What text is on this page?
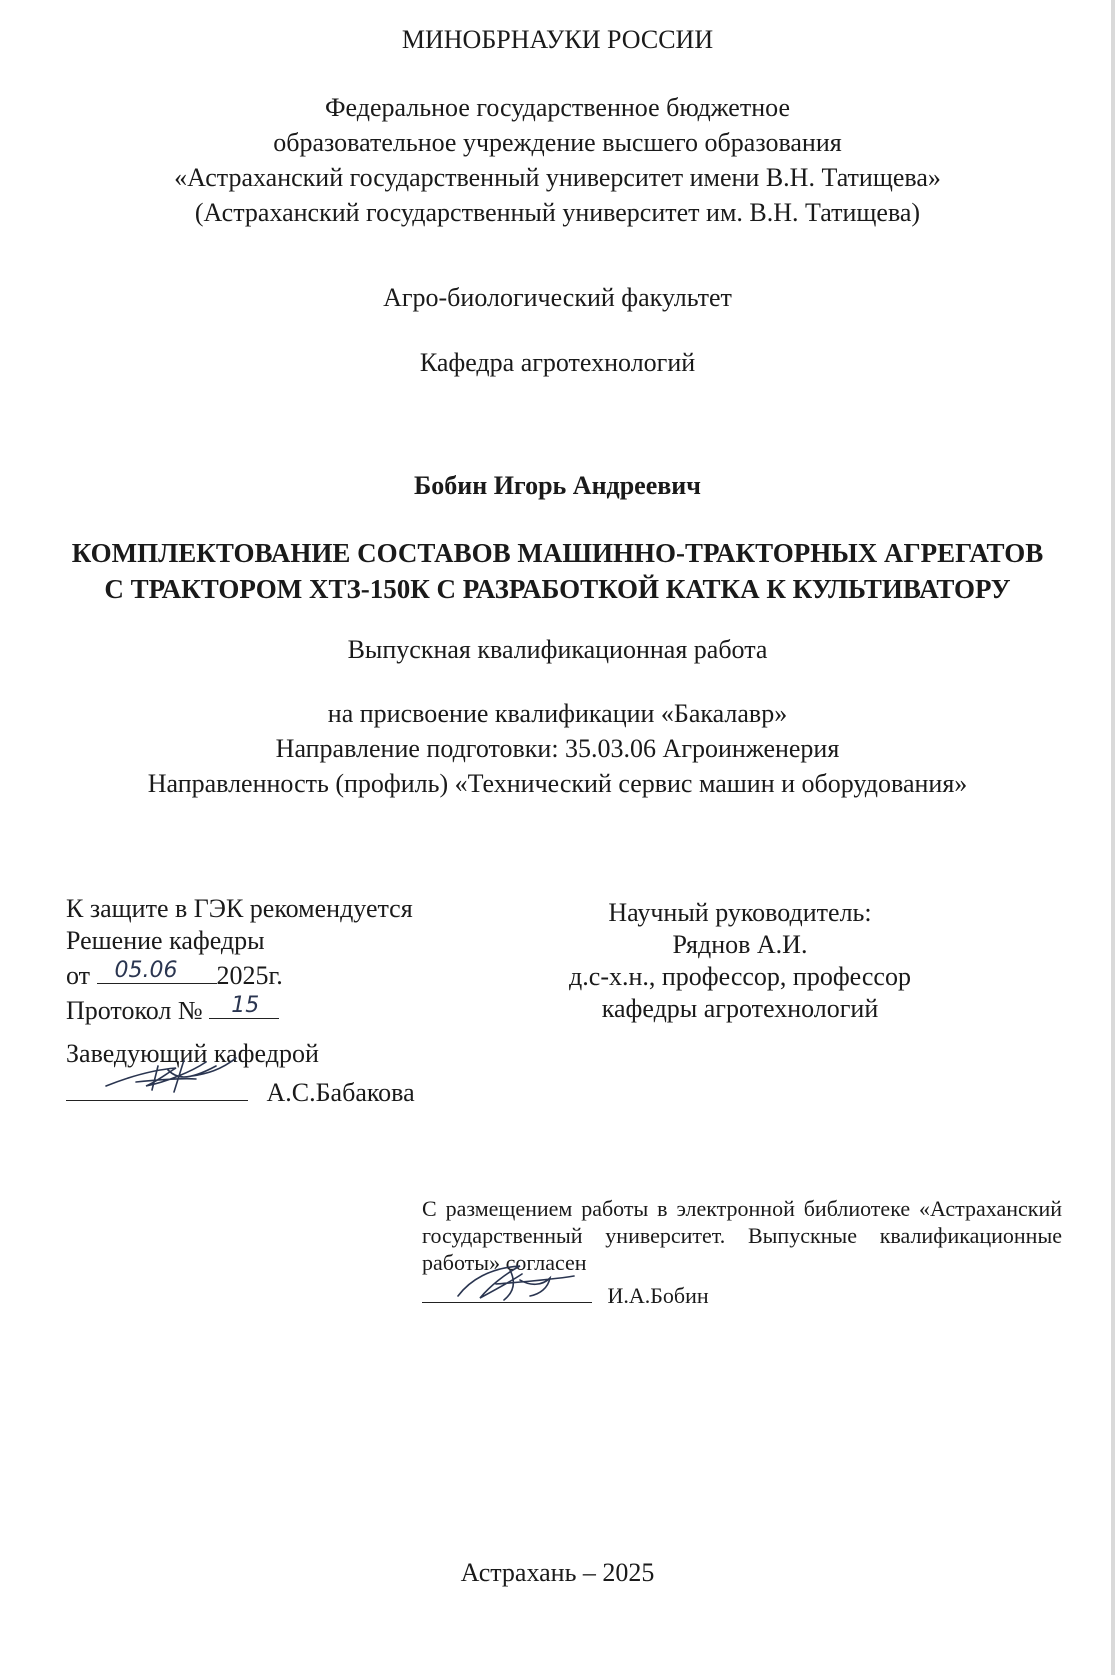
МИНОБРНАУКИ РОССИИ
Федеральное государственное бюджетное
образовательное учреждение высшего образования
«Астраханский государственный университет имени В.Н. Татищева»
(Астраханский государственный университет им. В.Н. Татищева)
Агро-биологический факультет
Кафедра агротехнологий
Бобин Игорь Андреевич
КОМПЛЕКТОВАНИЕ СОСТАВОВ МАШИННО-ТРАКТОРНЫХ АГРЕГАТОВ
С ТРАКТОРОМ ХТЗ-150К С РАЗРАБОТКОЙ КАТКА К КУЛЬТИВАТОРУ
Выпускная квалификационная работа
на присвоение квалификации «Бакалавр»
Направление подготовки: 35.03.06 Агроинженерия
Направленность (профиль) «Технический сервис машин и оборудования»
К защите в ГЭК рекомендуется
Решение кафедры
от 05.06 2025г.
Протокол № 15
Заведующий кафедрой
А.С.Бабакова
Научный руководитель:
Ряднов А.И.
д.с-х.н., профессор, профессор
кафедры агротехнологий
С размещением работы в электронной библиотеке «Астраханский государственный университет. Выпускные квалификационные работы» согласен
И.А.Бобин
Астрахань – 2025
